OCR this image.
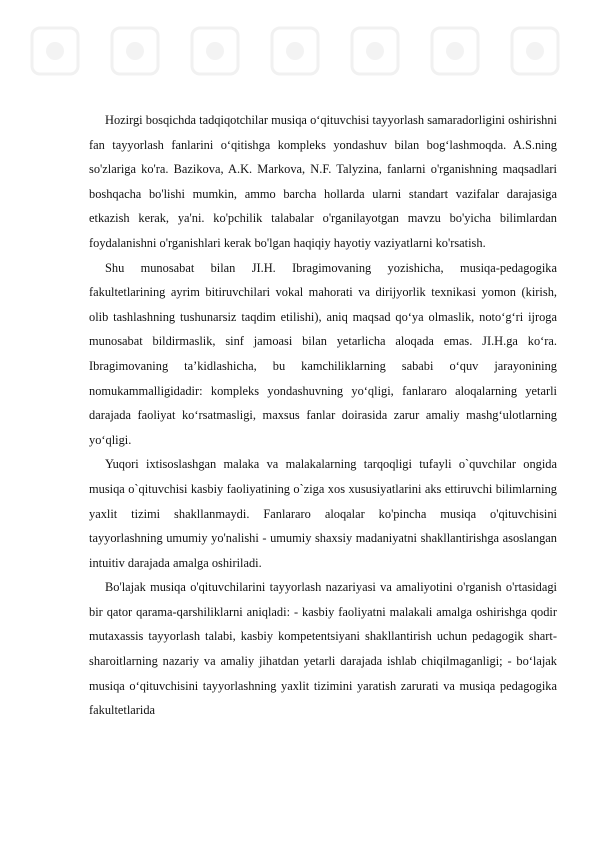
Hozirgi bosqichda tadqiqotchilar musiqa o‘qituvchisi tayyorlash samaradorligini oshirishni fan tayyorlash fanlarini o‘qitishga kompleks yondashuv bilan bog‘lashmoqda. A.S.ning so'zlariga ko'ra. Bazikova, A.K. Markova, N.F. Talyzina, fanlarni o'rganishning maqsadlari boshqacha bo'lishi mumkin, ammo barcha hollarda ularni standart vazifalar darajasiga etkazish kerak, ya'ni. ko'pchilik talabalar o'rganilayotgan mavzu bo'yicha bilimlardan foydalanishni o'rganishlari kerak bo'lgan haqiqiy hayotiy vaziyatlarni ko'rsatish.

Shu munosabat bilan JI.H. Ibragimovaning yozishicha, musiqa-pedagogika fakultetlarining ayrim bitiruvchilari vokal mahorati va dirijyorlik texnikasi yomon (kirish, olib tashlashning tushunarsiz taqdim etilishi), aniq maqsad qo‘ya olmaslik, noto‘g‘ri ijroga munosabat bildirmaslik, sinf jamoasi bilan yetarlicha aloqada emas. JI.H.ga ko‘ra. Ibragimovaning ta’kidlashicha, bu kamchiliklarning sababi o‘quv jarayonining nomukammalligidadir: kompleks yondashuvning yo‘qligi, fanlararo aloqalarning yetarli darajada faoliyat ko‘rsatmasligi, maxsus fanlar doirasida zarur amaliy mashg‘ulotlarning yo‘qligi.

Yuqori ixtisoslashgan malaka va malakalarning tarqoqligi tufayli o`quvchilar ongida musiqa o`qituvchisi kasbiy faoliyatining o`ziga xos xususiyatlarini aks ettiruvchi bilimlarning yaxlit tizimi shakllanmaydi. Fanlararo aloqalar ko'pincha musiqa o'qituvchisini tayyorlashning umumiy yo'nalishi - umumiy shaxsiy madaniyatni shakllantirishga asoslangan intuitiv darajada amalga oshiriladi.

Bo'lajak musiqa o'qituvchilarini tayyorlash nazariyasi va amaliyotini o'rganish o'rtasidagi bir qator qarama-qarshiliklarni aniqladi: - kasbiy faoliyatni malakali amalga oshirishga qodir mutaxassis tayyorlash talabi, kasbiy kompetentsiyani shakllantirish uchun pedagogik shart-sharoitlarning nazariy va amaliy jihatdan yetarli darajada ishlab chiqilmaganligi; - bo‘lajak musiqa o‘qituvchisini tayyorlashning yaxlit tizimini yaratish zarurati va musiqa pedagogika fakultetlarida
